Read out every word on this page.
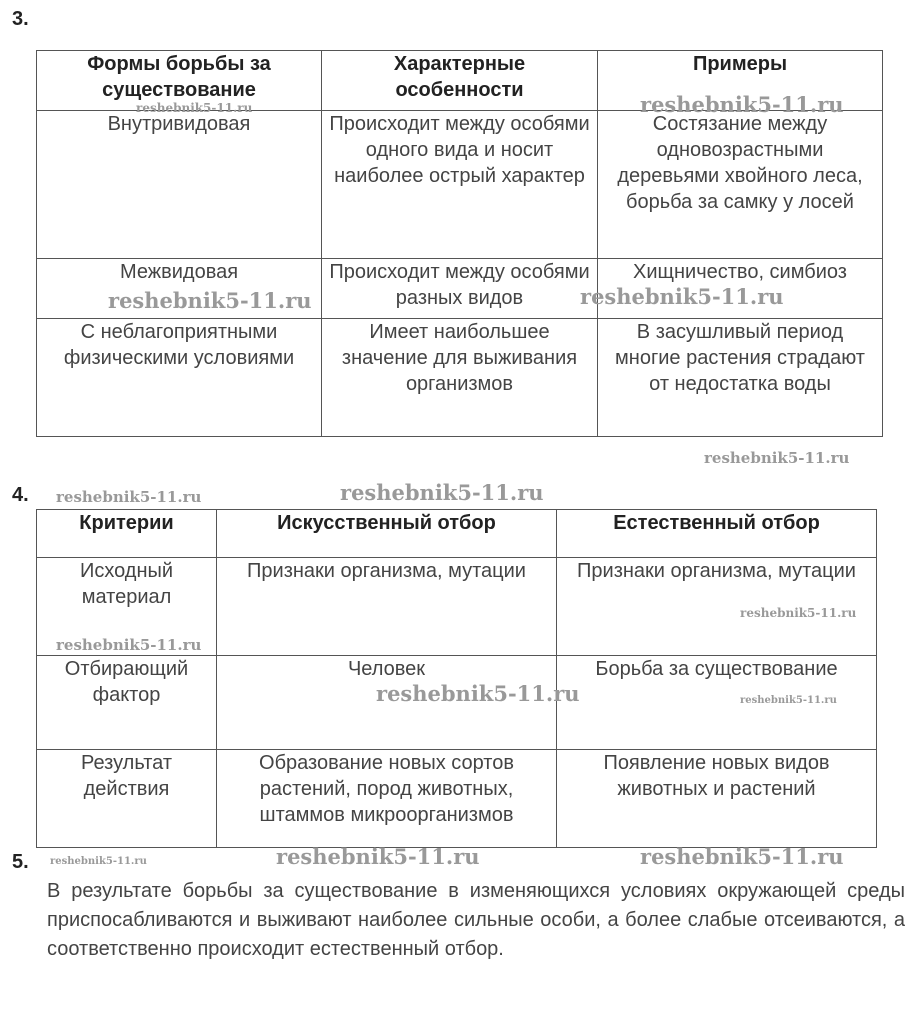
3.
Формы борьбы за существование	Характерные особенности	Примеры
Внутривидовая	Происходит между особями одного вида и носит наиболее острый характер	Состязание между одновозрастными деревьями хвойного леса, борьба за самку у лосей
Межвидовая	Происходит между особями разных видов	Хищничество, симбиоз
С неблагоприятными физическими условиями	Имеет наибольшее значение для выживания организмов	В засушливый период многие растения страдают от недостатка воды
4.
Критерии	Искусственный отбор	Естественный отбор
Исходный материал	Признаки организма, мутации	Признаки организма, мутации
Отбирающий фактор	Человек	Борьба за существование
Результат действия	Образование новых сортов растений, пород животных, штаммов микроорганизмов	Появление новых видов животных и растений
5.
В результате борьбы за существование в изменяющихся условиях окружающей среды приспосабливаются и выживают наиболее сильные особи, а более слабые отсеиваются, а соответственно происходит естественный отбор.
reshebnik5-11.ru	reshebnik5-11.ru
reshebnik5-11.ru	reshebnik5-11.ru
reshebnik5-11.ru
reshebnik5-11.ru	reshebnik5-11.ru
reshebnik5-11.ru
reshebnik5-11.ru
reshebnik5-11.ru	reshebnik5-11.ru
reshebnik5-11.ru	reshebnik5-11.ru	reshebnik5-11.ru
